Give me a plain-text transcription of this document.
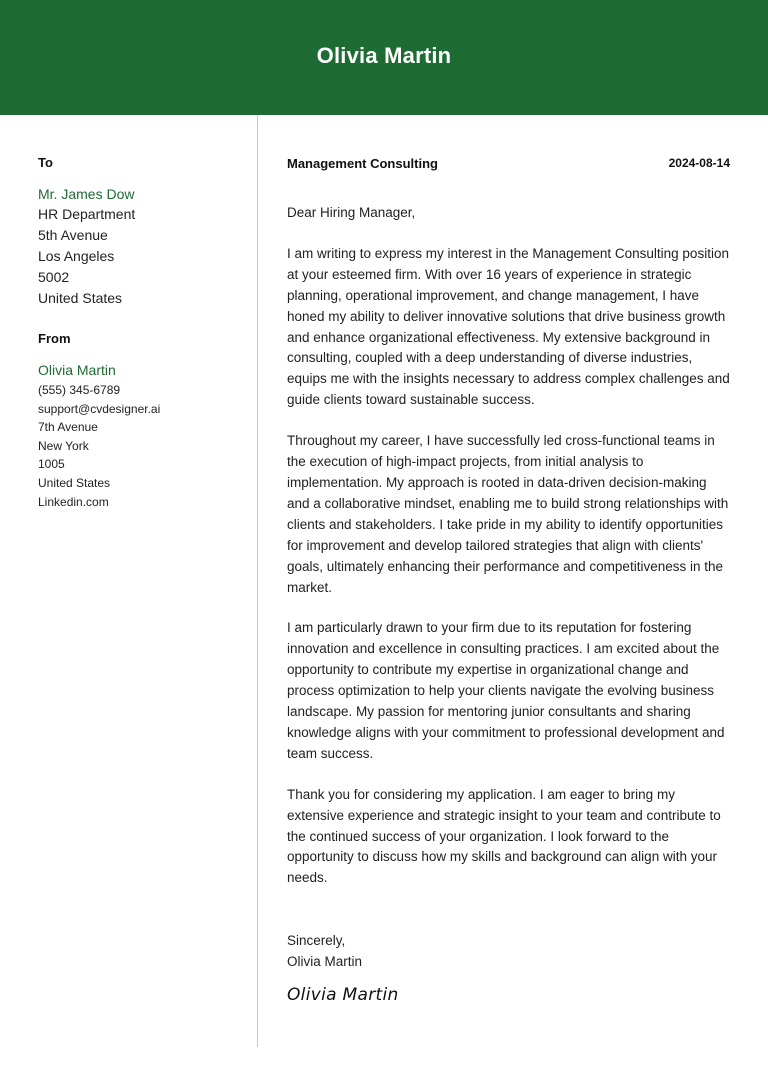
Olivia Martin
To
Mr. James Dow
HR Department
5th Avenue
Los Angeles
5002
United States
From
Olivia Martin
(555) 345-6789
support@cvdesigner.ai
7th Avenue
New York
1005
United States
Linkedin.com
Management Consulting	2024-08-14

Dear Hiring Manager,

I am writing to express my interest in the Management Consulting position at your esteemed firm. With over 16 years of experience in strategic planning, operational improvement, and change management, I have honed my ability to deliver innovative solutions that drive business growth and enhance organizational effectiveness. My extensive background in consulting, coupled with a deep understanding of diverse industries, equips me with the insights necessary to address complex challenges and guide clients toward sustainable success.

Throughout my career, I have successfully led cross-functional teams in the execution of high-impact projects, from initial analysis to implementation. My approach is rooted in data-driven decision-making and a collaborative mindset, enabling me to build strong relationships with clients and stakeholders. I take pride in my ability to identify opportunities for improvement and develop tailored strategies that align with clients' goals, ultimately enhancing their performance and competitiveness in the market.

I am particularly drawn to your firm due to its reputation for fostering innovation and excellence in consulting practices. I am excited about the opportunity to contribute my expertise in organizational change and process optimization to help your clients navigate the evolving business landscape. My passion for mentoring junior consultants and sharing knowledge aligns with your commitment to professional development and team success.

Thank you for considering my application. I am eager to bring my extensive experience and strategic insight to your team and contribute to the continued success of your organization. I look forward to the opportunity to discuss how my skills and background can align with your needs.

Sincerely,

Olivia Martin

Olivia Martin
